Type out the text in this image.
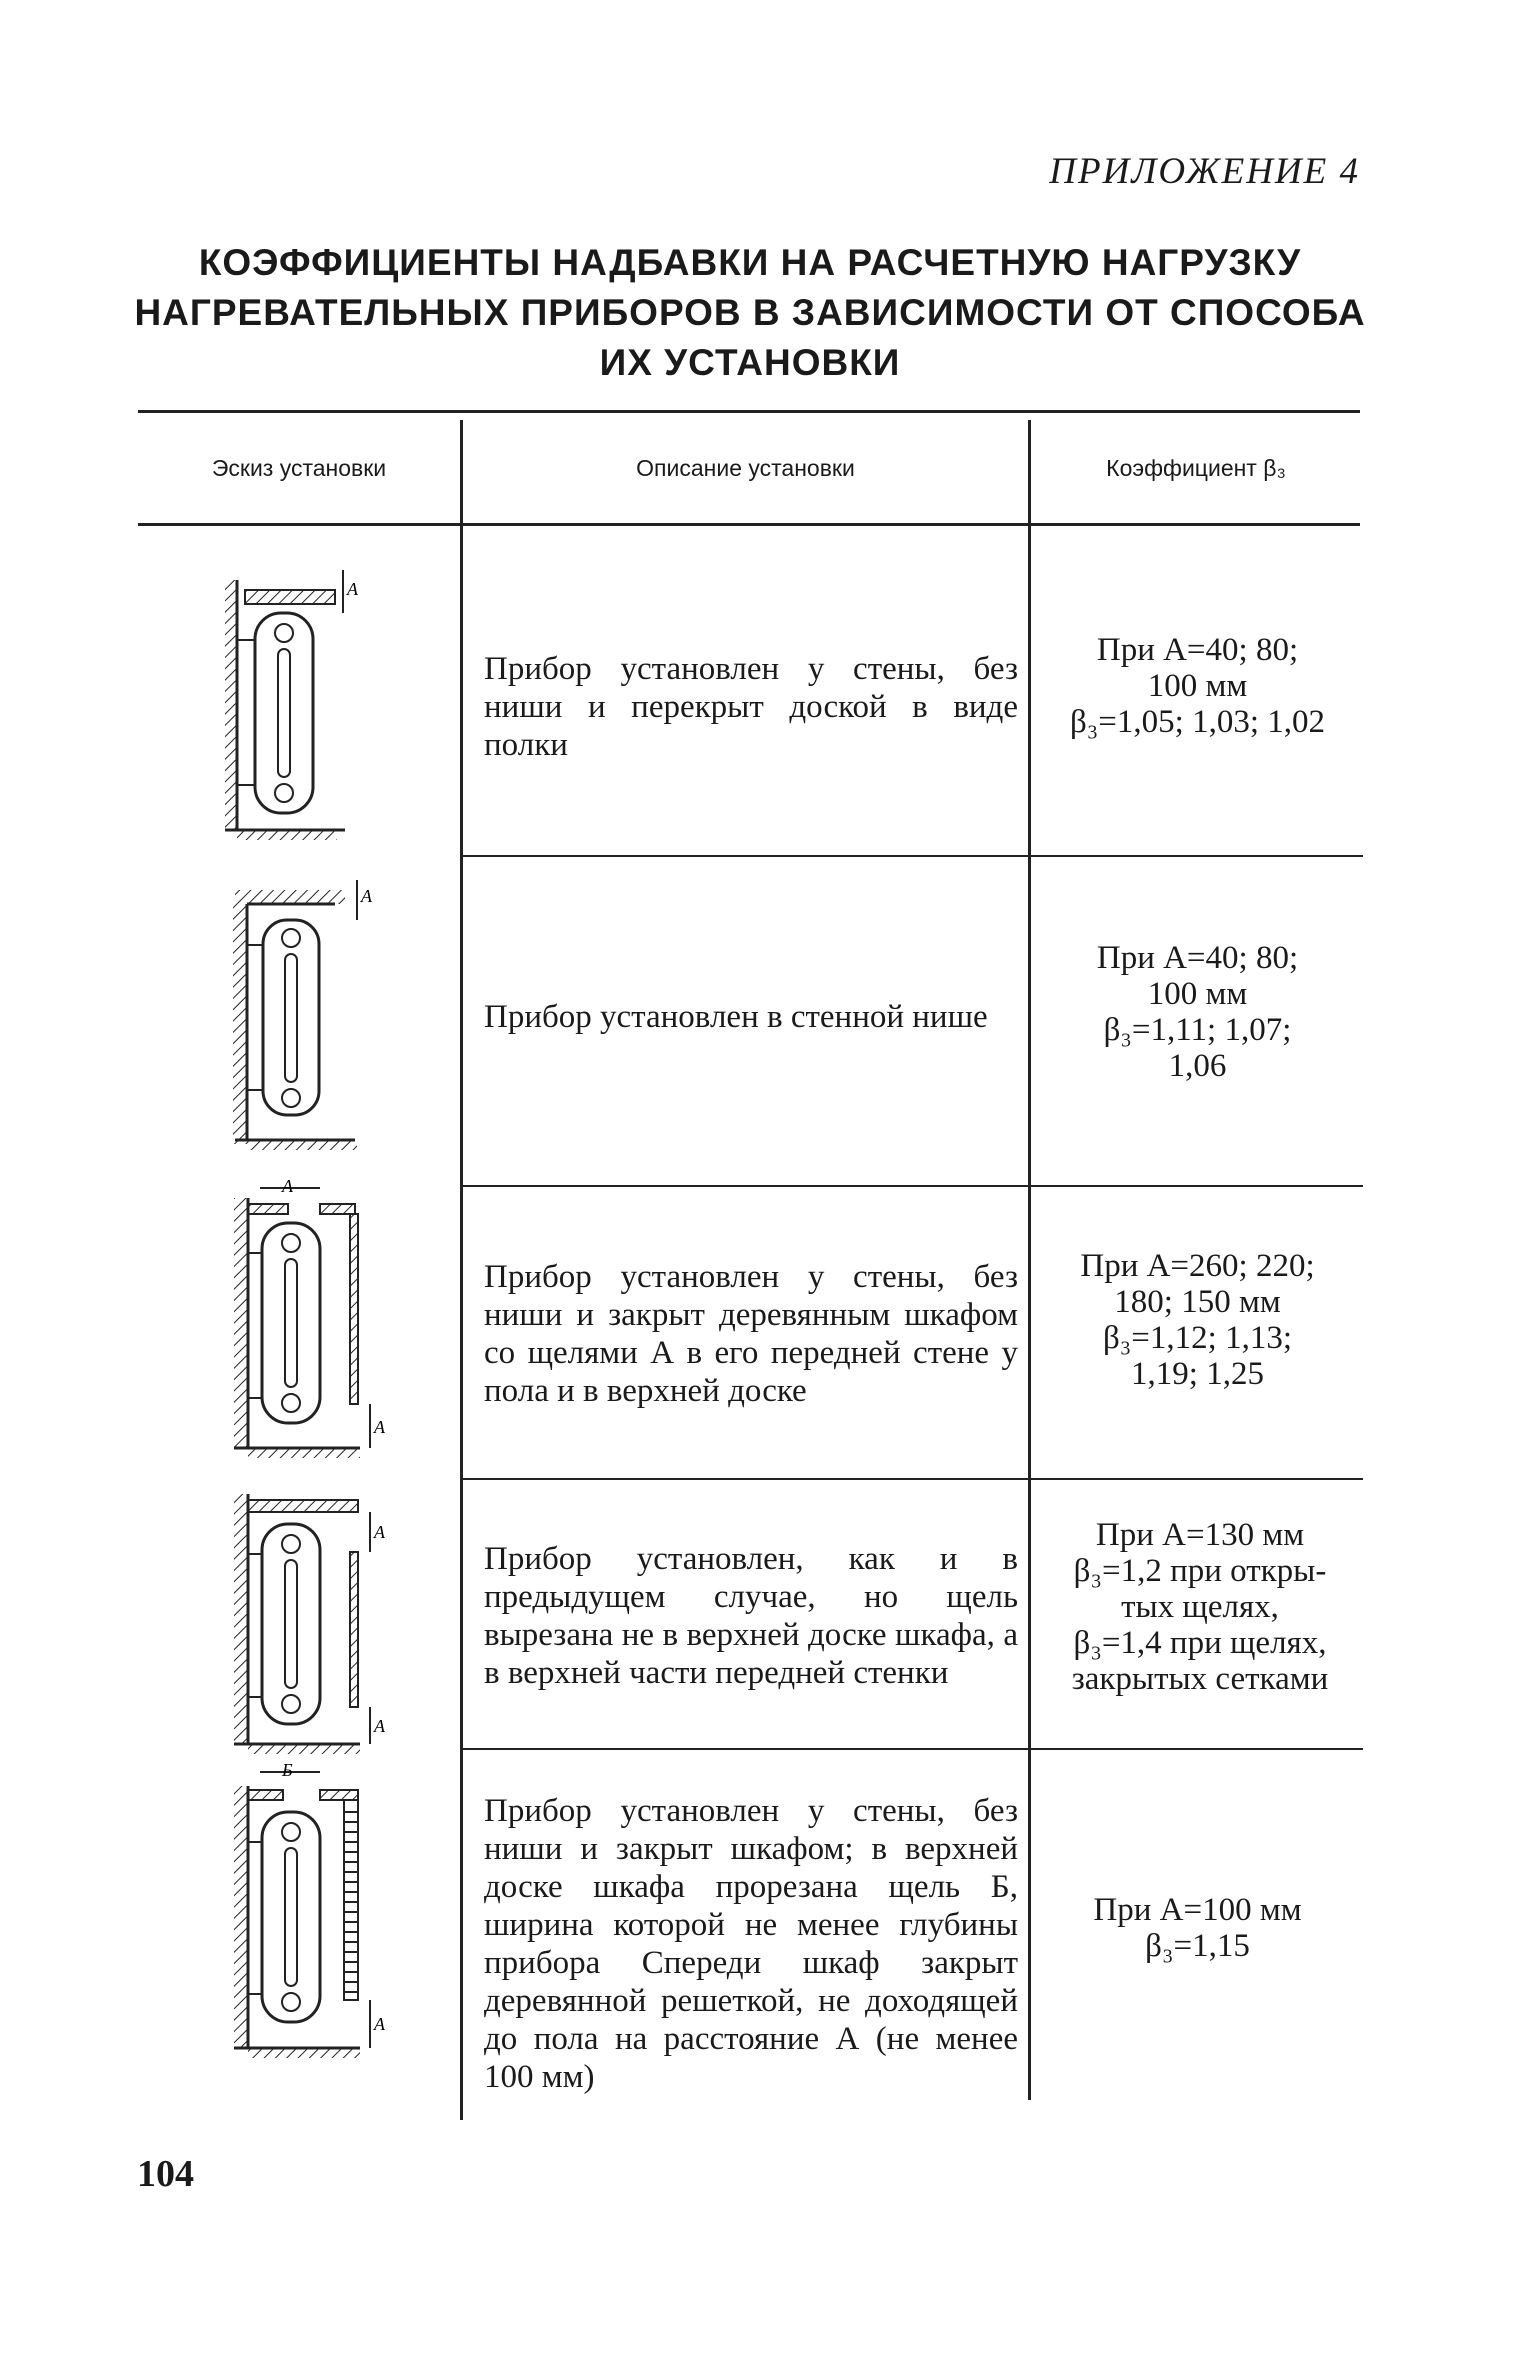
ПРИЛОЖЕНИЕ 4
КОЭФФИЦИЕНТЫ НАДБАВКИ НА РАСЧЕТНУЮ НАГРУЗКУ
НАГРЕВАТЕЛЬНЫХ ПРИБОРОВ В ЗАВИСИМОСТИ ОТ СПОСОБА
ИХ УСТАНОВКИ
Эскиз установки	Описание установки	Коэффициент β₃
Прибор установлен у стены, без ниши и перекрыт доской в виде полки
Прибор установлен в стенной нише
Прибор установлен у стены, без ниши и закрыт деревянным шкафом со щелями А в его передней стене у пола и в верхней доске
Прибор установлен, как и в предыдущем случае, но щель вырезана не в верхней доске шкафа, а в верхней части передней стенки
Прибор установлен у стены, без ниши и закрыт шкафом; в верхней доске шкафа прорезана щель Б, ширина которой не менее глубины прибора Спереди шкаф закрыт деревянной решеткой, не доходящей до пола на расстояние А (не менее 100 мм)
При А=40; 80;
100 мм
β₃=1,05; 1,03; 1,02
При А=40; 80;
100 мм
β₃=1,11; 1,07;
1,06
При А=260; 220;
180; 150 мм
β₃=1,12; 1,13;
1,19; 1,25
При А=130 мм
β₃=1,2 при откры-
тых щелях,
β₃=1,4 при щелях,
закрытых сетками
При А=100 мм
β₃=1,15
А
А
А
А
А
А
Б
А
104
